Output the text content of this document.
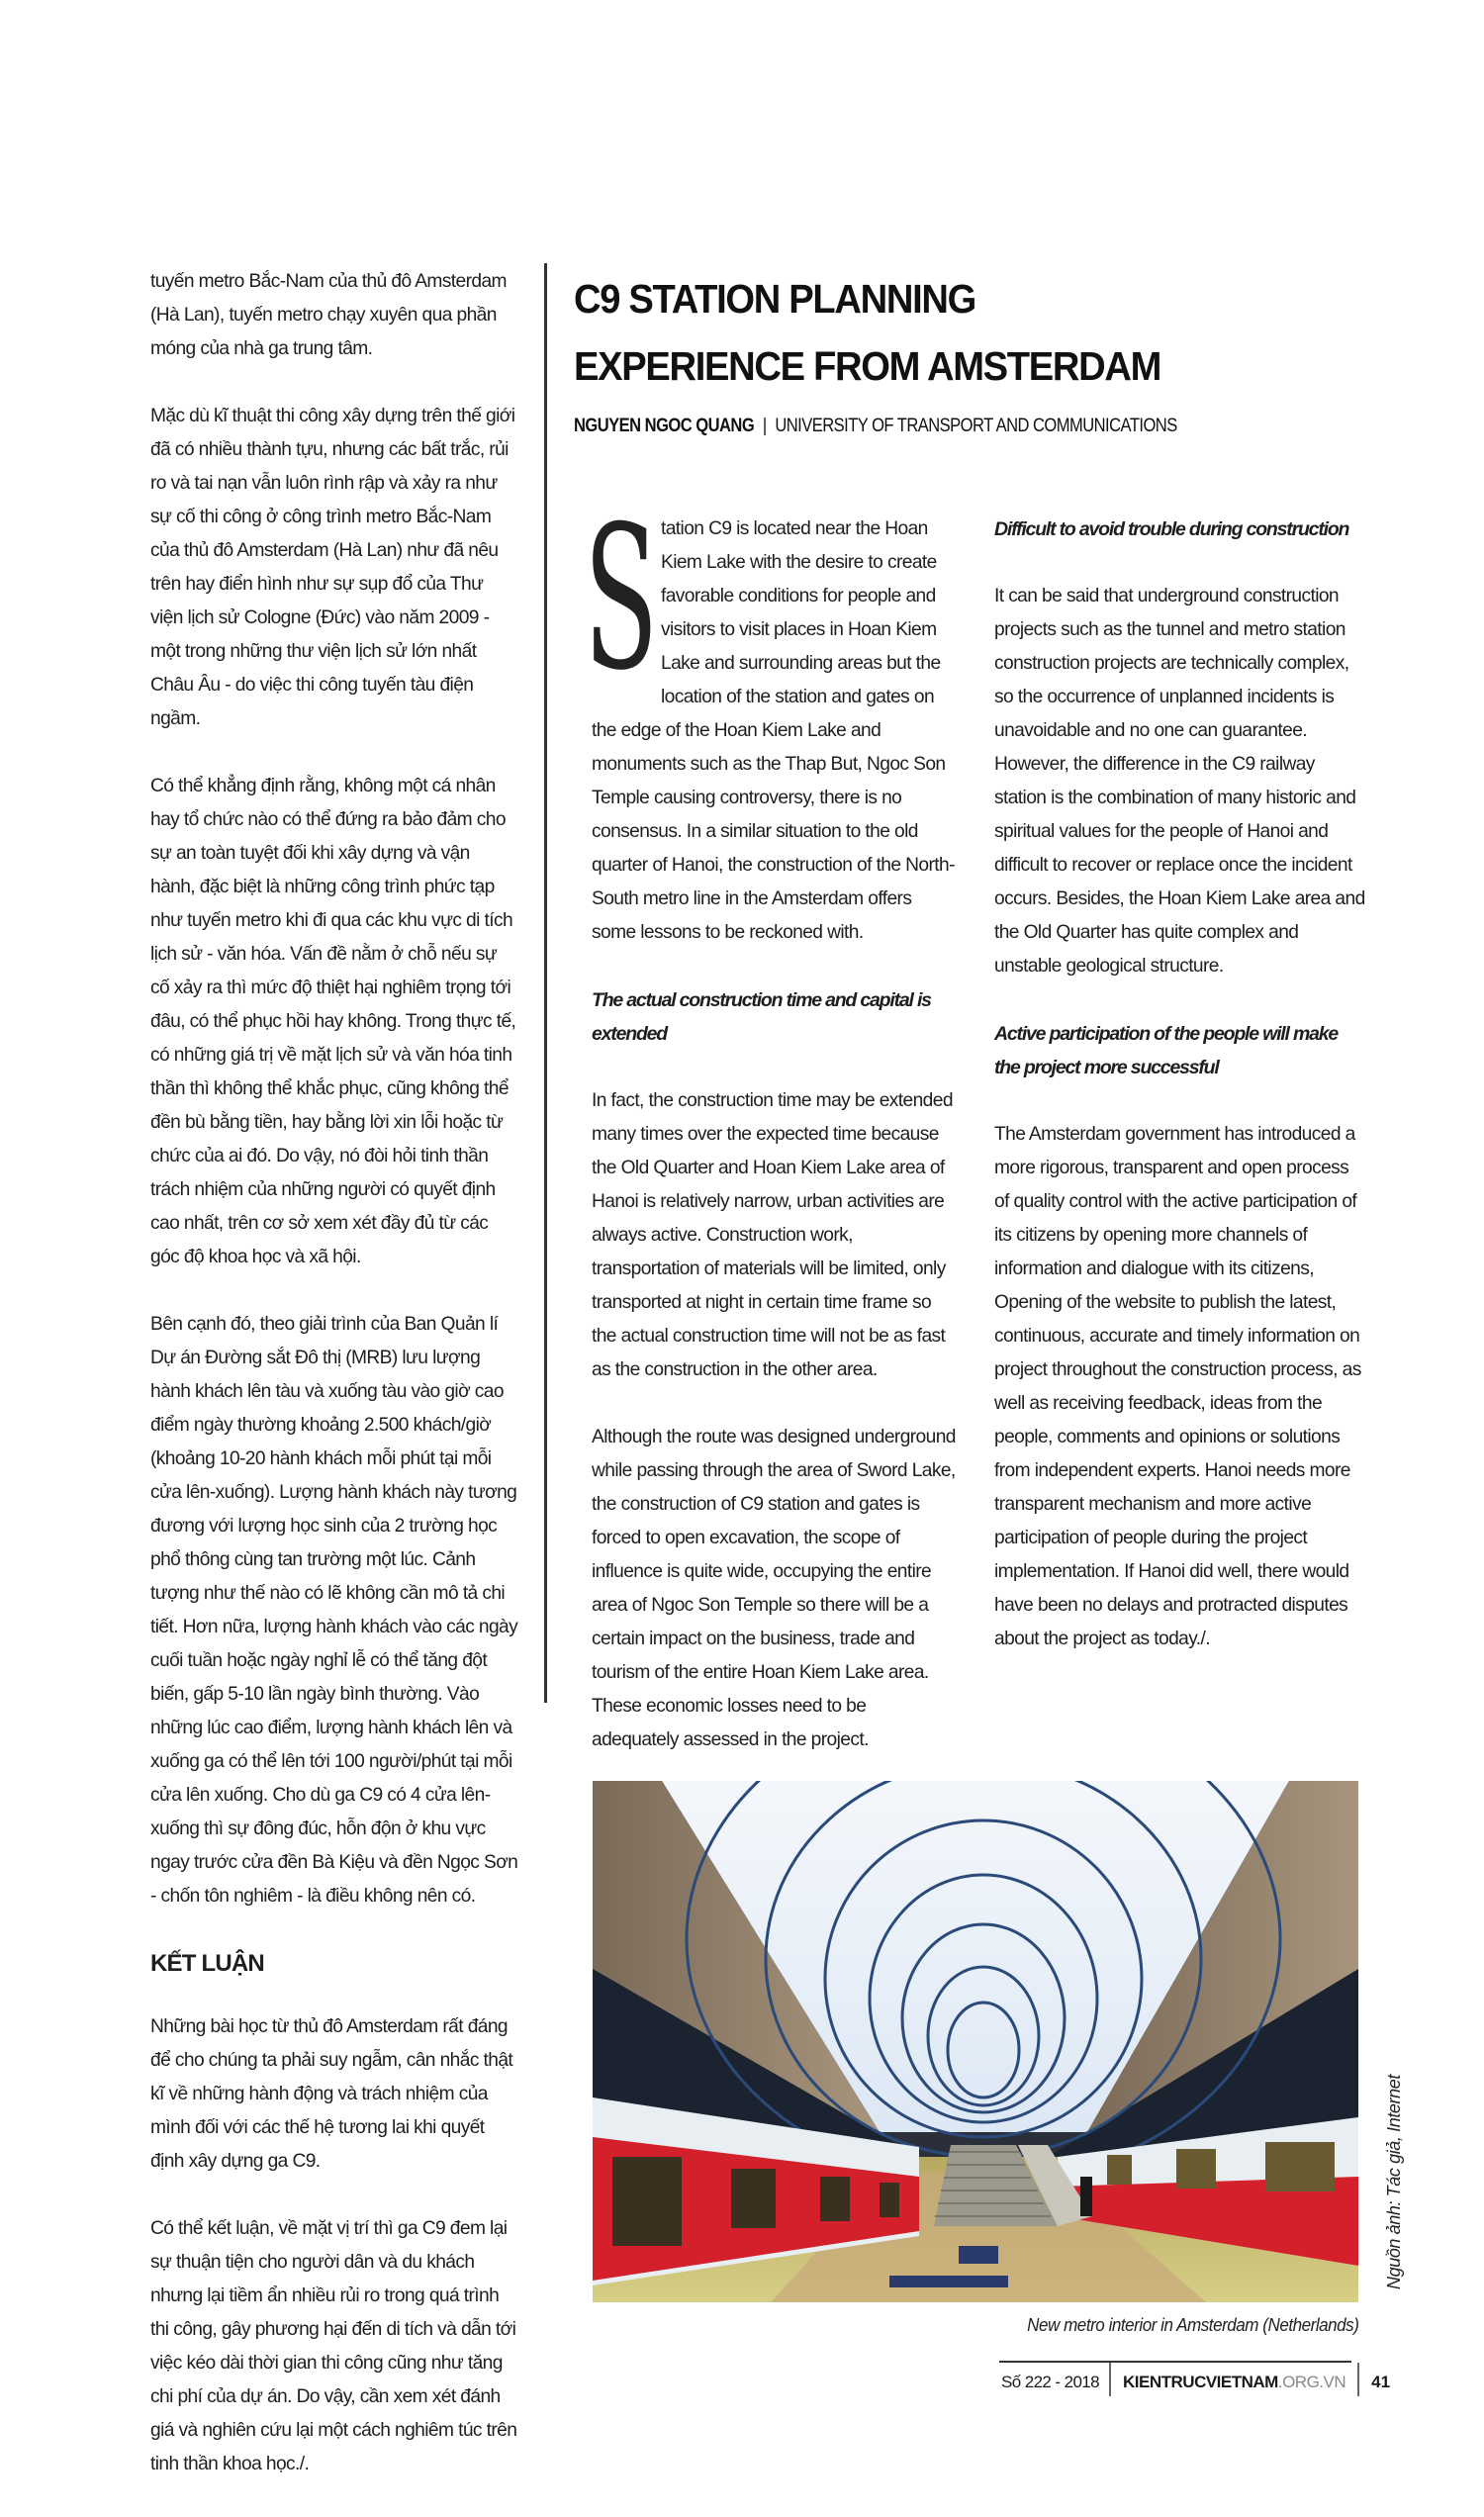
tuyến metro Bắc-Nam của thủ đô Amsterdam (Hà Lan), tuyến metro chạy xuyên qua phần móng của nhà ga trung tâm.

Mặc dù kĩ thuật thi công xây dựng trên thế giới đã có nhiều thành tựu, nhưng các bất trắc, rủi ro và tai nạn vẫn luôn rình rập và xảy ra như sự cố thi công ở công trình metro Bắc-Nam của thủ đô Amsterdam (Hà Lan) như đã nêu trên hay điển hình như sự sụp đổ của Thư viện lịch sử Cologne (Đức) vào năm 2009 - một trong những thư viện lịch sử lớn nhất Châu Âu - do việc thi công tuyến tàu điện ngầm.

Có thể khẳng định rằng, không một cá nhân hay tổ chức nào có thể đứng ra bảo đảm cho sự an toàn tuyệt đối khi xây dựng và vận hành, đặc biệt là những công trình phức tạp như tuyến metro khi đi qua các khu vực di tích lịch sử - văn hóa. Vấn đề nằm ở chỗ nếu sự cố xảy ra thì mức độ thiệt hại nghiêm trọng tới đâu, có thể phục hồi hay không. Trong thực tế, có những giá trị về mặt lịch sử và văn hóa tinh thần thì không thể khắc phục, cũng không thể đền bù bằng tiền, hay bằng lời xin lỗi hoặc từ chức của ai đó. Do vậy, nó đòi hỏi tinh thần trách nhiệm của những người có quyết định cao nhất, trên cơ sở xem xét đầy đủ từ các góc độ khoa học và xã hội.

Bên cạnh đó, theo giải trình của Ban Quản lí Dự án Đường sắt Đô thị (MRB) lưu lượng hành khách lên tàu và xuống tàu vào giờ cao điểm ngày thường khoảng 2.500 khách/giờ (khoảng 10-20 hành khách mỗi phút tại mỗi cửa lên-xuống). Lượng hành khách này tương đương với lượng học sinh của 2 trường học phổ thông cùng tan trường một lúc. Cảnh tượng như thế nào có lẽ không cần mô tả chi tiết. Hơn nữa, lượng hành khách vào các ngày cuối tuần hoặc ngày nghỉ lễ có thể tăng đột biến, gấp 5-10 lần ngày bình thường. Vào những lúc cao điểm, lượng hành khách lên và xuống ga có thể lên tới 100 người/phút tại mỗi cửa lên xuống. Cho dù ga C9 có 4 cửa lên-xuống thì sự đông đúc, hỗn độn ở khu vực ngay trước cửa đền Bà Kiệu và đền Ngọc Sơn - chốn tôn nghiêm - là điều không nên có.

KẾT LUẬN

Những bài học từ thủ đô Amsterdam rất đáng để cho chúng ta phải suy ngẫm, cân nhắc thật kĩ về những hành động và trách nhiệm của mình đối với các thế hệ tương lai khi quyết định xây dựng ga C9.

Có thể kết luận, về mặt vị trí thì ga C9 đem lại sự thuận tiện cho người dân và du khách nhưng lại tiềm ẩn nhiều rủi ro trong quá trình thi công, gây phương hại đến di tích và dẫn tới việc kéo dài thời gian thi công cũng như tăng chi phí của dự án. Do vậy, cần xem xét đánh giá và nghiên cứu lại một cách nghiêm túc trên tinh thần khoa học./.

C9 STATION PLANNING
EXPERIENCE FROM AMSTERDAM
NGUYEN NGOC QUANG | UNIVERSITY OF TRANSPORT AND COMMUNICATIONS

Station C9 is located near the Hoan Kiem Lake with the desire to create favorable conditions for people and visitors to visit places in Hoan Kiem Lake and surrounding areas but the location of the station and gates on the edge of the Hoan Kiem Lake and monuments such as the Thap But, Ngoc Son Temple causing controversy, there is no consensus. In a similar situation to the old quarter of Hanoi, the construction of the North-South metro line in the Amsterdam offers some lessons to be reckoned with.

The actual construction time and capital is extended

In fact, the construction time may be extended many times over the expected time because the Old Quarter and Hoan Kiem Lake area of Hanoi is relatively narrow, urban activities are always active. Construction work, transportation of materials will be limited, only transported at night in certain time frame so the actual construction time will not be as fast as the construction in the other area.

Although the route was designed underground while passing through the area of Sword Lake, the construction of C9 station and gates is forced to open excavation, the scope of influence is quite wide, occupying the entire area of Ngoc Son Temple so there will be a certain impact on the business, trade and tourism of the entire Hoan Kiem Lake area. These economic losses need to be adequately assessed in the project.

Difficult to avoid trouble during construction

It can be said that underground construction projects such as the tunnel and metro station construction projects are technically complex, so the occurrence of unplanned incidents is unavoidable and no one can guarantee. However, the difference in the C9 railway station is the combination of many historic and spiritual values for the people of Hanoi and difficult to recover or replace once the incident occurs. Besides, the Hoan Kiem Lake area and the Old Quarter has quite complex and unstable geological structure.

Active participation of the people will make the project more successful

The Amsterdam government has introduced a more rigorous, transparent and open process of quality control with the active participation of its citizens by opening more channels of information and dialogue with its citizens, Opening of the website to publish the latest, continuous, accurate and timely information on project throughout the construction process, as well as receiving feedback, ideas from the people, comments and opinions or solutions from independent experts. Hanoi needs more transparent mechanism and more active participation of people during the project implementation. If Hanoi did well, there would have been no delays and protracted disputes about the project as today./.

Nguồn ảnh: Tác giả, Internet
New metro interior in Amsterdam (Netherlands)
Số 222 - 2018	KIENTRUCVIETNAM.ORG.VN	41
